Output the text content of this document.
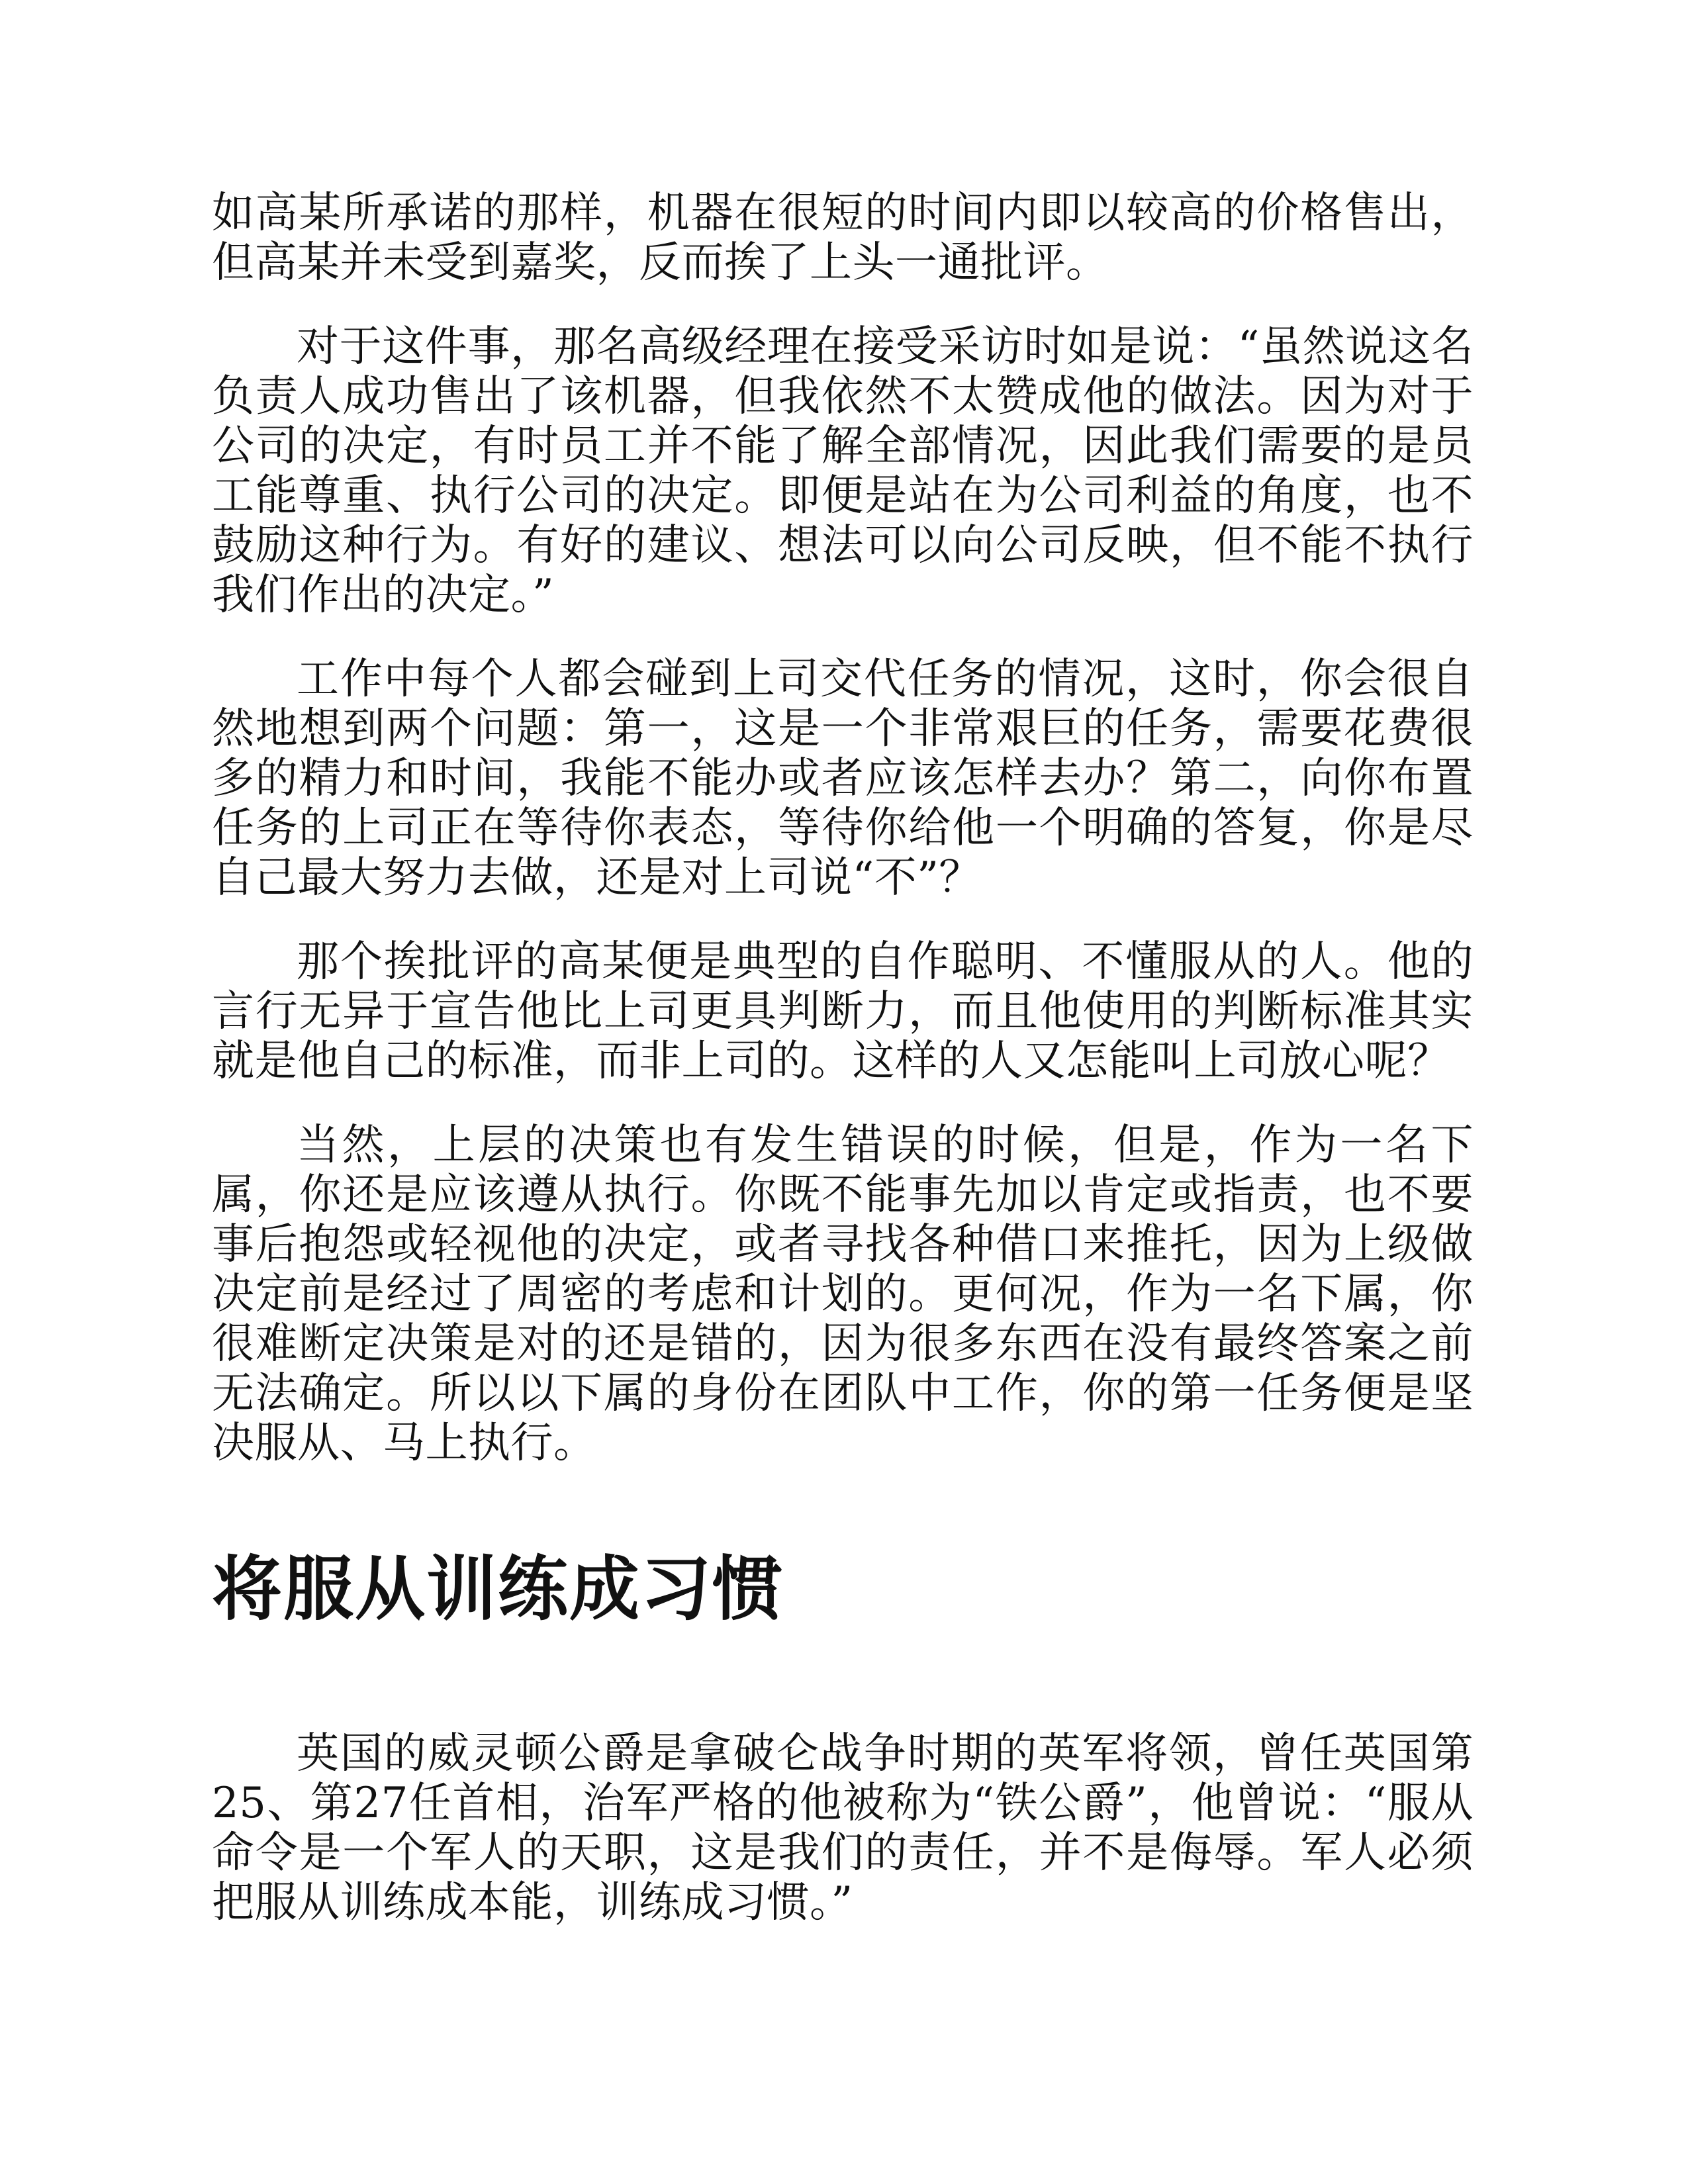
如高某所承诺的那样，机器在很短的时间内即以较高的价格售出，但高某并未受到嘉奖，反而挨了上头一通批评。

对于这件事，那名高级经理在接受采访时如是说：“虽然说这名负责人成功售出了该机器，但我依然不太赞成他的做法。因为对于公司的决定，有时员工并不能了解全部情况，因此我们需要的是员工能尊重、执行公司的决定。即便是站在为公司利益的角度，也不鼓励这种行为。有好的建议、想法可以向公司反映，但不能不执行我们作出的决定。”

工作中每个人都会碰到上司交代任务的情况，这时，你会很自然地想到两个问题：第一，这是一个非常艰巨的任务，需要花费很多的精力和时间，我能不能办或者应该怎样去办？第二，向你布置任务的上司正在等待你表态，等待你给他一个明确的答复，你是尽自己最大努力去做，还是对上司说“不”？

那个挨批评的高某便是典型的自作聪明、不懂服从的人。他的言行无异于宣告他比上司更具判断力，而且他使用的判断标准其实就是他自己的标准，而非上司的。这样的人又怎能叫上司放心呢？

当然，上层的决策也有发生错误的时候，但是，作为一名下属，你还是应该遵从执行。你既不能事先加以肯定或指责，也不要事后抱怨或轻视他的决定，或者寻找各种借口来推托，因为上级做决定前是经过了周密的考虑和计划的。更何况，作为一名下属，你很难断定决策是对的还是错的，因为很多东西在没有最终答案之前无法确定。所以以下属的身份在团队中工作，你的第一任务便是坚决服从、马上执行。

将服从训练成习惯

英国的威灵顿公爵是拿破仑战争时期的英军将领，曾任英国第25、第27任首相，治军严格的他被称为“铁公爵”，他曾说：“服从命令是一个军人的天职，这是我们的责任，并不是侮辱。军人必须把服从训练成本能，训练成习惯。”
